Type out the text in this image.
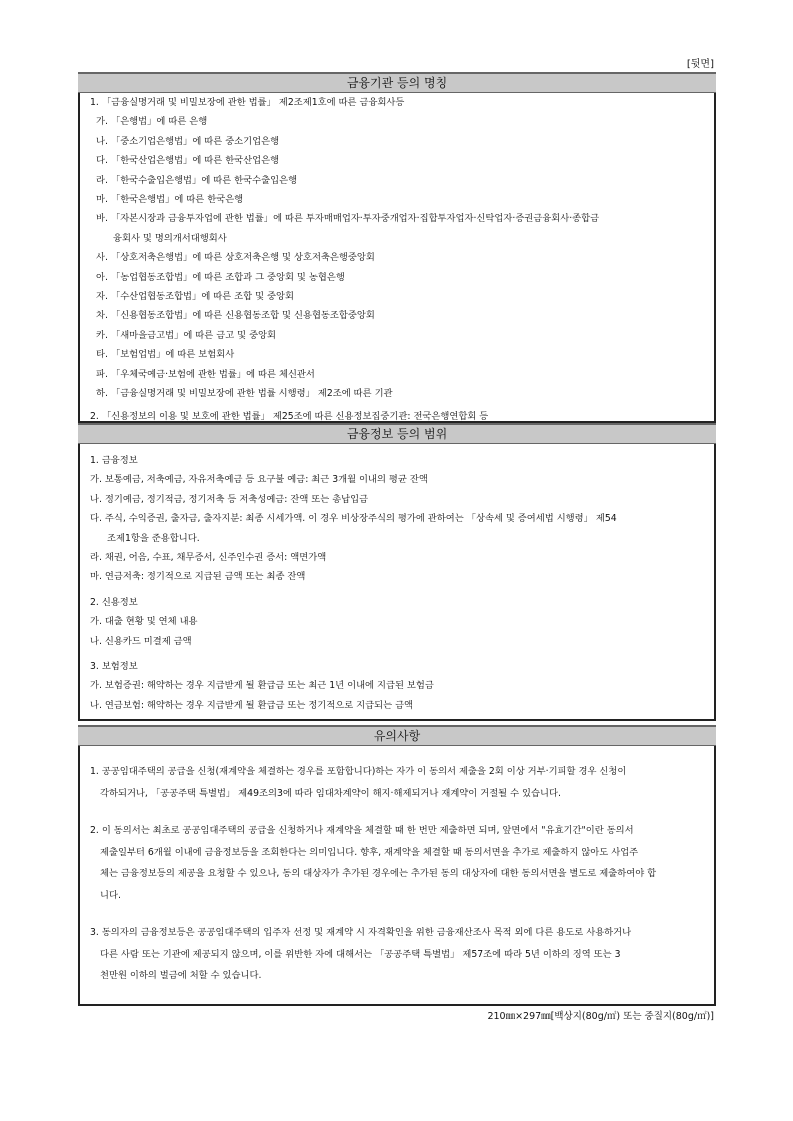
[뒷면]
금융기관 등의 명칭
1. 「금융실명거래 및 비밀보장에 관한 법률」 제2조제1호에 따른 금융회사등
가. 「은행법」에 따른 은행
나. 「중소기업은행법」에 따른 중소기업은행
다. 「한국산업은행법」에 따른 한국산업은행
라. 「한국수출입은행법」에 따른 한국수출입은행
마. 「한국은행법」에 따른 한국은행
바. 「자본시장과 금융투자업에 관한 법률」에 따른 투자매매업자·투자중개업자·집합투자업자·신탁업자·증권금융회사·종합금
융회사 및 명의개서대행회사
사. 「상호저축은행법」에 따른 상호저축은행 및 상호저축은행중앙회
아. 「농업협동조합법」에 따른 조합과 그 중앙회 및 농협은행
자. 「수산업협동조합법」에 따른 조합 및 중앙회
차. 「신용협동조합법」에 따른 신용협동조합 및 신용협동조합중앙회
카. 「새마을금고법」에 따른 금고 및 중앙회
타. 「보험업법」에 따른 보험회사
파. 「우체국예금·보험에 관한 법률」에 따른 체신관서
하. 「금융실명거래 및 비밀보장에 관한 법률 시행령」 제2조에 따른 기관
2. 「신용정보의 이용 및 보호에 관한 법률」 제25조에 따른 신용정보집중기관: 전국은행연합회 등
금융정보 등의 범위
1. 금융정보
가. 보통예금, 저축예금, 자유저축예금 등 요구불 예금: 최근 3개월 이내의 평균 잔액
나. 정기예금, 정기적금, 정기저축 등 저축성예금: 잔액 또는 총납입금
다. 주식, 수익증권, 출자금, 출자지분: 최종 시세가액. 이 경우 비상장주식의 평가에 관하여는 「상속세 및 증여세법 시행령」 제54
조제1항을 준용합니다.
라. 채권, 어음, 수표, 채무증서, 신주인수권 증서: 액면가액
마. 연금저축: 정기적으로 지급된 금액 또는 최종 잔액
2. 신용정보
가. 대출 현황 및 연체 내용
나. 신용카드 미결제 금액
3. 보험정보
가. 보험증권: 해약하는 경우 지급받게 될 환급금 또는 최근 1년 이내에 지급된 보험금
나. 연금보험: 해약하는 경우 지급받게 될 환급금 또는 정기적으로 지급되는 금액
유의사항
1. 공공임대주택의 공급을 신청(재계약을 체결하는 경우를 포함합니다)하는 자가 이 동의서 제출을 2회 이상 거부·기피할 경우 신청이
각하되거나, 「공공주택 특별법」 제49조의3에 따라 임대차계약이 해지·해제되거나 재계약이 거절될 수 있습니다.
2. 이 동의서는 최초로 공공임대주택의 공급을 신청하거나 재계약을 체결할 때 한 번만 제출하면 되며, 앞면에서 "유효기간"이란 동의서
제출일부터 6개월 이내에 금융정보등을 조회한다는 의미입니다. 향후, 재계약을 체결할 때 동의서면을 추가로 제출하지 않아도 사업주
체는 금융정보등의 제공을 요청할 수 있으나, 동의 대상자가 추가된 경우에는 추가된 동의 대상자에 대한 동의서면을 별도로 제출하여야 합
니다.
3. 동의자의 금융정보등은 공공임대주택의 입주자 선정 및 재계약 시 자격확인을 위한 금융재산조사 목적 외에 다른 용도로 사용하거나
다른 사람 또는 기관에 제공되지 않으며, 이를 위반한 자에 대해서는 「공공주택 특별법」 제57조에 따라 5년 이하의 징역 또는 3
천만원 이하의 벌금에 처할 수 있습니다.
210㎜×297㎜[백상지(80g/㎡) 또는 중질지(80g/㎡)]
